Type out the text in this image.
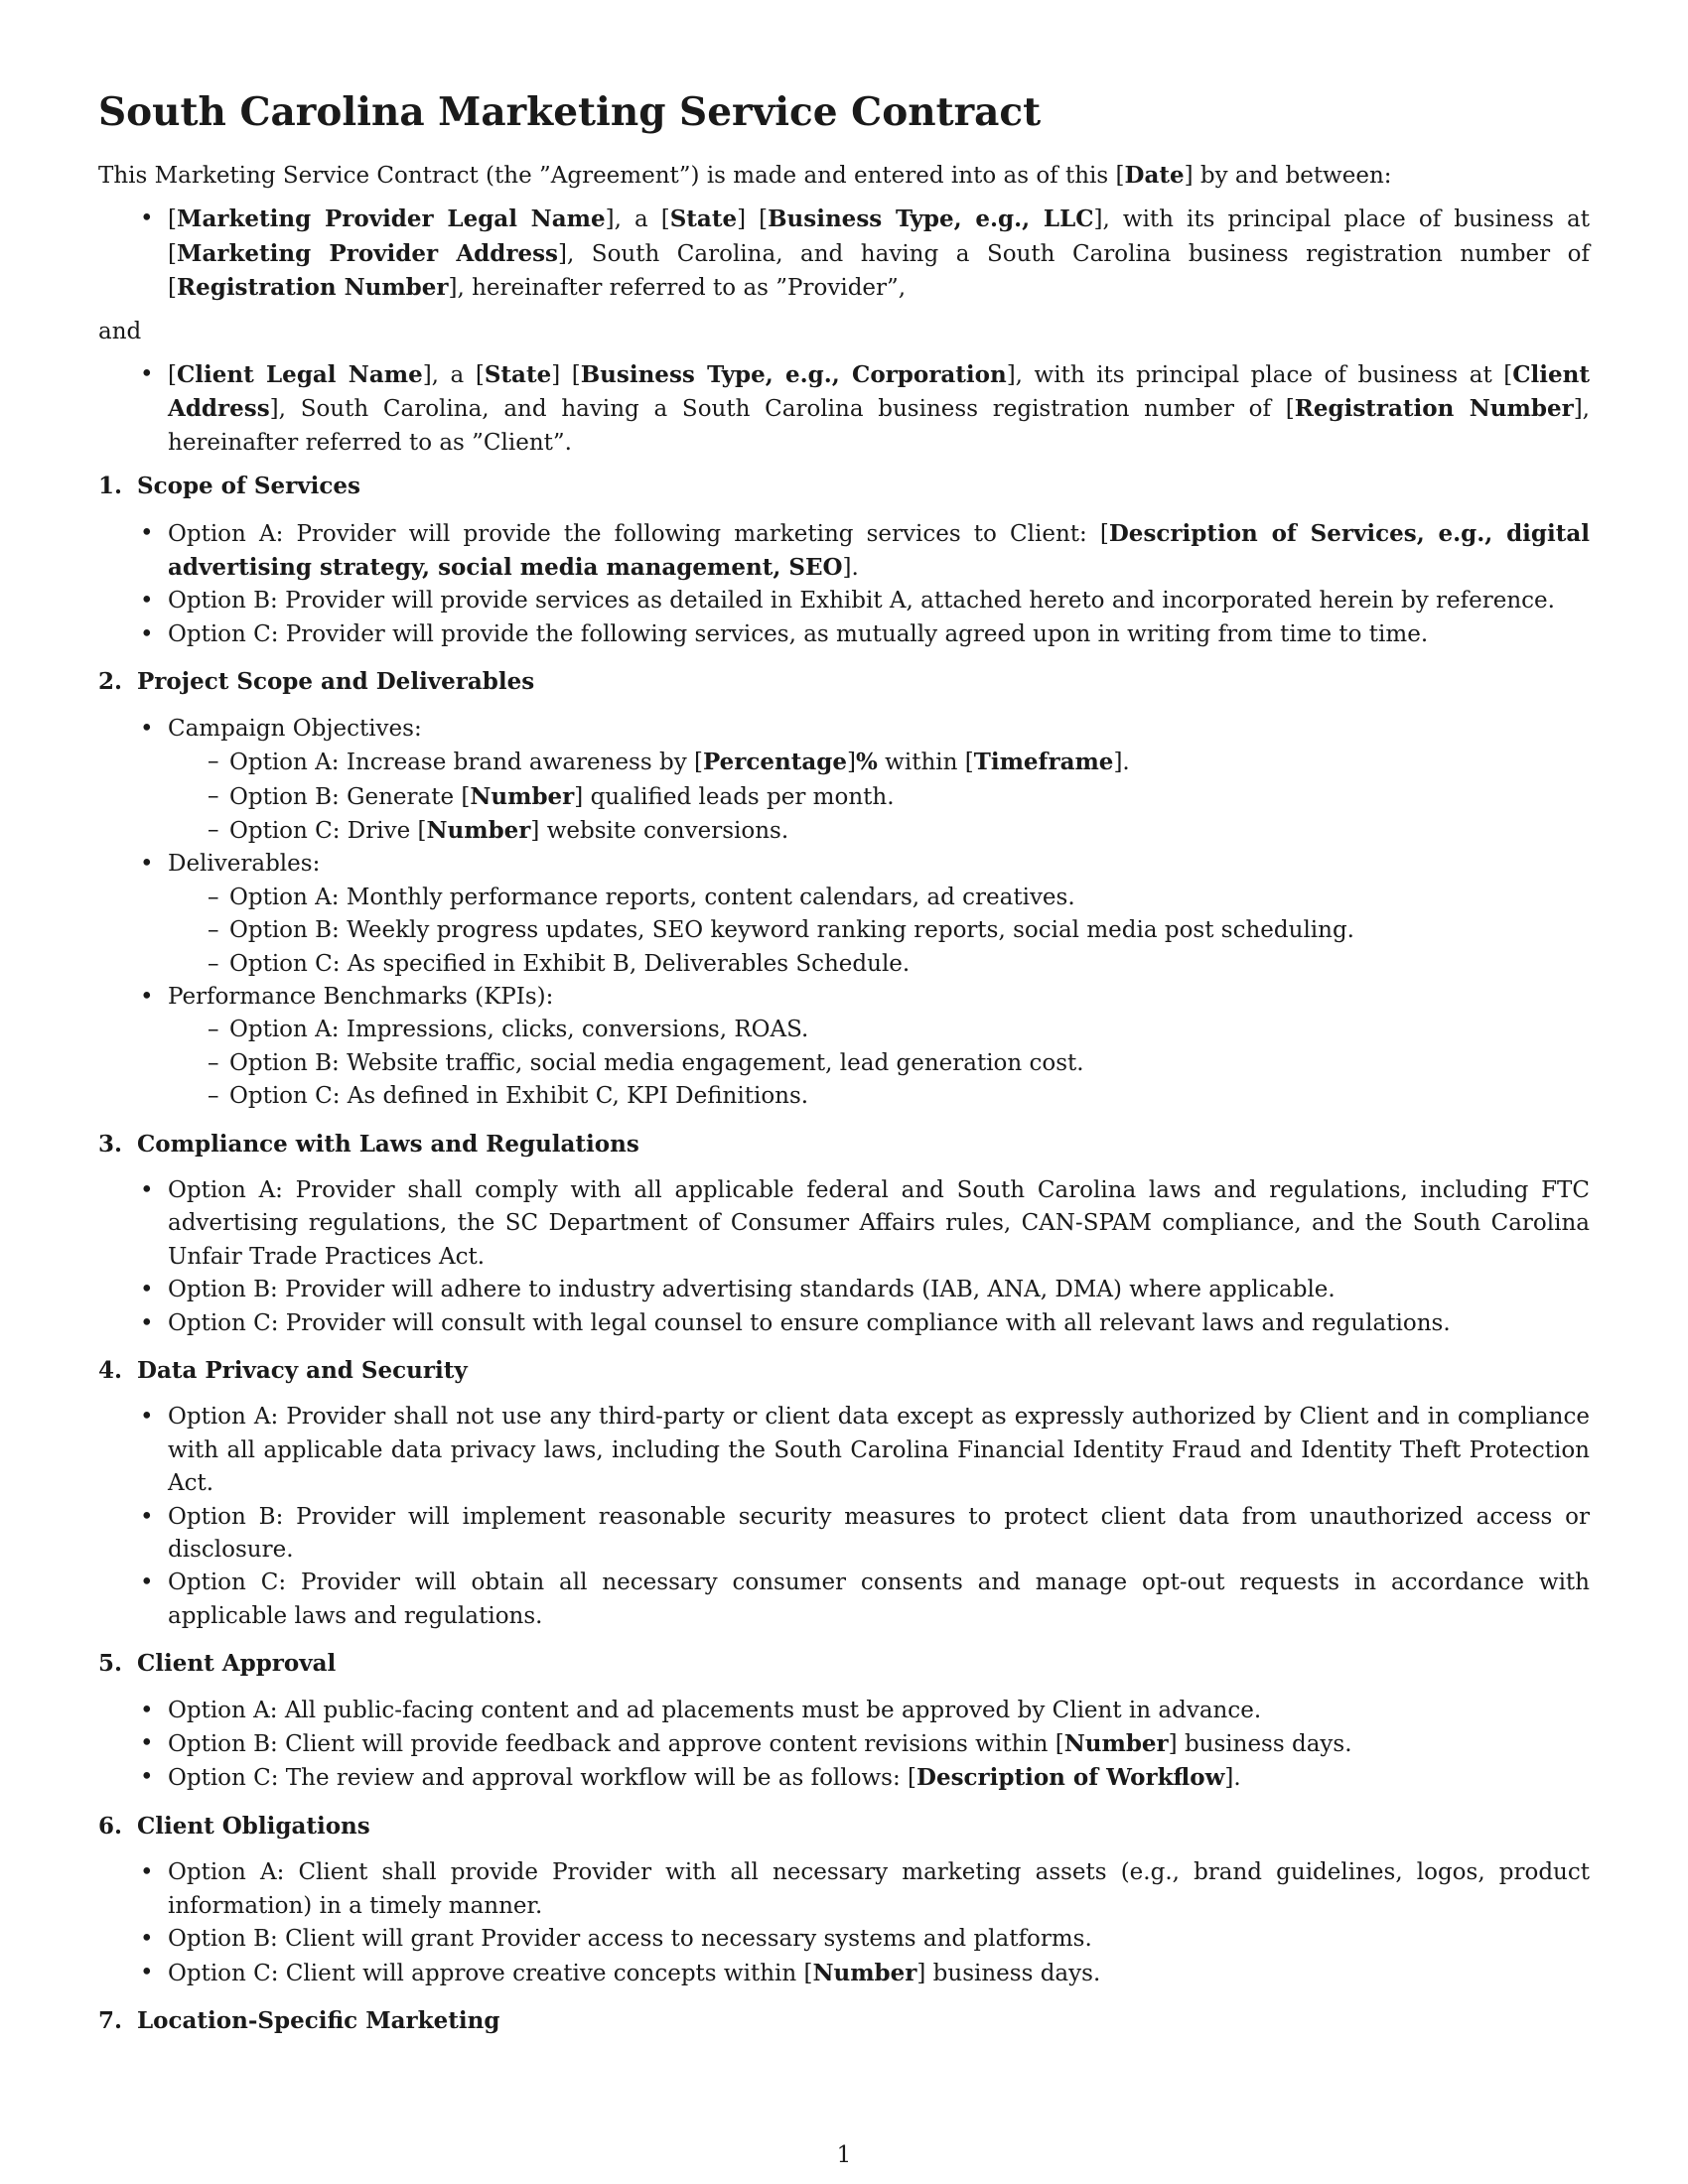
South Carolina Marketing Service Contract

This Marketing Service Contract (the ”Agreement”) is made and entered into as of this [Date] by and between:

• [Marketing Provider Legal Name], a [State] [Business Type, e.g., LLC], with its principal place of business at [Marketing Provider Address], South Carolina, and having a South Carolina business registration number of [Registration Number], hereinafter referred to as ”Provider”,

and

• [Client Legal Name], a [State] [Business Type, e.g., Corporation], with its principal place of business at [Client Address], South Carolina, and having a South Carolina business registration number of [Registration Number], hereinafter referred to as ”Client”.
1. Scope of Services
• Option A: Provider will provide the following marketing services to Client: [Description of Services, e.g., digital advertising strategy, social media management, SEO].
• Option B: Provider will provide services as detailed in Exhibit A, attached hereto and incorporated herein by reference.
• Option C: Provider will provide the following services, as mutually agreed upon in writing from time to time.
2. Project Scope and Deliverables
• Campaign Objectives:
– Option A: Increase brand awareness by [Percentage]% within [Timeframe].
– Option B: Generate [Number] qualified leads per month.
– Option C: Drive [Number] website conversions.
• Deliverables:
– Option A: Monthly performance reports, content calendars, ad creatives.
– Option B: Weekly progress updates, SEO keyword ranking reports, social media post scheduling.
– Option C: As specified in Exhibit B, Deliverables Schedule.
• Performance Benchmarks (KPIs):
– Option A: Impressions, clicks, conversions, ROAS.
– Option B: Website traffic, social media engagement, lead generation cost.
– Option C: As defined in Exhibit C, KPI Definitions.
3. Compliance with Laws and Regulations
• Option A: Provider shall comply with all applicable federal and South Carolina laws and regulations, including FTC advertising regulations, the SC Department of Consumer Affairs rules, CAN-SPAM compliance, and the South Carolina Unfair Trade Practices Act.
• Option B: Provider will adhere to industry advertising standards (IAB, ANA, DMA) where applicable.
• Option C: Provider will consult with legal counsel to ensure compliance with all relevant laws and regulations.
4. Data Privacy and Security
• Option A: Provider shall not use any third-party or client data except as expressly authorized by Client and in compliance with all applicable data privacy laws, including the South Carolina Financial Identity Fraud and Identity Theft Protection Act.
• Option B: Provider will implement reasonable security measures to protect client data from unauthorized access or disclosure.
• Option C: Provider will obtain all necessary consumer consents and manage opt-out requests in accordance with applicable laws and regulations.
5. Client Approval
• Option A: All public-facing content and ad placements must be approved by Client in advance.
• Option B: Client will provide feedback and approve content revisions within [Number] business days.
• Option C: The review and approval workflow will be as follows: [Description of Workflow].
6. Client Obligations
• Option A: Client shall provide Provider with all necessary marketing assets (e.g., brand guidelines, logos, product information) in a timely manner.
• Option B: Client will grant Provider access to necessary systems and platforms.
• Option C: Client will approve creative concepts within [Number] business days.
7. Location-Specific Marketing
1
